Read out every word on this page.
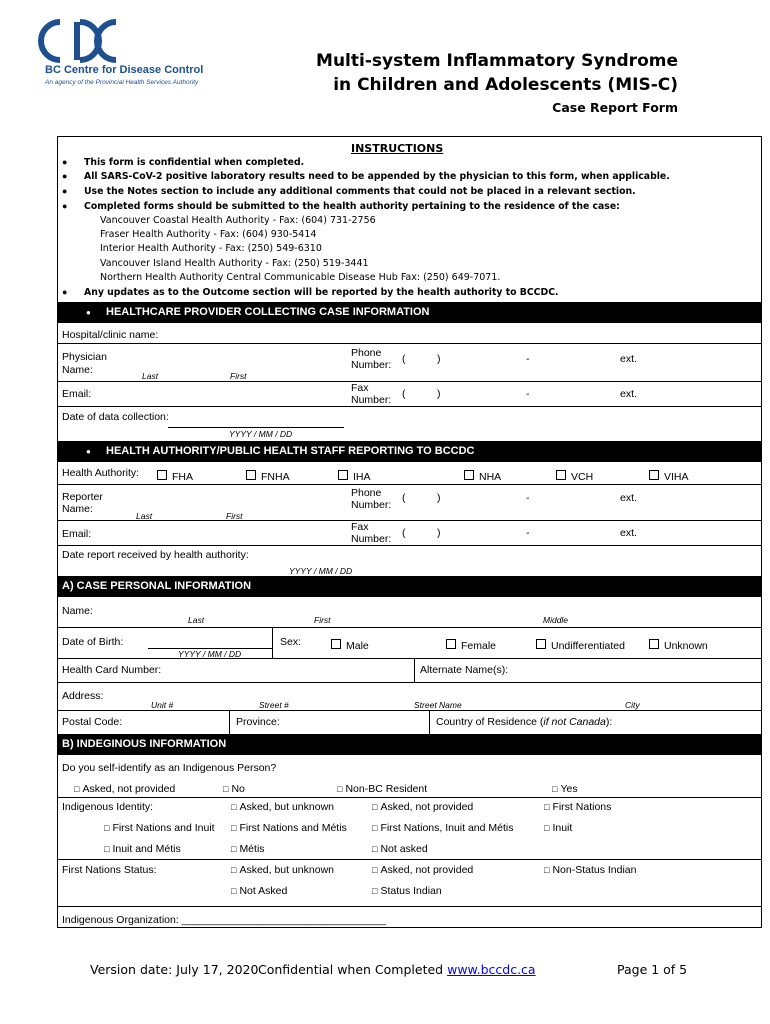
BC Centre for Disease Control
An agency of the Provincial Health Services Authority
Multi-system Inflammatory Syndrome
in Children and Adolescents (MIS-C)
Case Report Form
INSTRUCTIONS
● This form is confidential when completed.
● All SARS-CoV-2 positive laboratory results need to be appended by the physician to this form, when applicable.
● Use the Notes section to include any additional comments that could not be placed in a relevant section.
● Completed forms should be submitted to the health authority pertaining to the residence of the case:
Vancouver Coastal Health Authority - Fax: (604) 731-2756
Fraser Health Authority - Fax: (604) 930-5414
Interior Health Authority - Fax: (250) 549-6310
Vancouver Island Health Authority - Fax: (250) 519-3441
Northern Health Authority Central Communicable Disease Hub Fax: (250) 649-7071.
● Any updates as to the Outcome section will be reported by the health authority to BCCDC.
● HEALTHCARE PROVIDER COLLECTING CASE INFORMATION
Hospital/clinic name:
Physician
Name:	Last	First
Phone
Number: (	)	-	ext.
Email:	Fax
Number: (	)	-	ext.
Date of data collection:
YYYY / MM / DD
● HEALTH AUTHORITY/PUBLIC HEALTH STAFF REPORTING TO BCCDC
Health Authority:	FHA	FNHA	IHA	NHA	VCH	VIHA
Reporter
Name:
Last	First
Phone
Number:
(	)	-	ext.
Email:
Fax
Number: (	)	-	ext.
Date report received by health authority:
YYYY / MM / DD
A) CASE PERSONAL INFORMATION
Name:
Last	First	Middle
Date of Birth:
YYYY / MM / DD
Sex:	Male	Female	Undifferentiated	Unknown
Health Card Number:	Alternate Name(s):
Address:
Unit #	Street #	Street Name	City
Postal Code:	Province:	Country of Residence (if not Canada):
B) INDEGINOUS INFORMATION
Do you self-identify as an Indigenous Person?
□ Asked, not provided	□ No	□ Non-BC Resident	□ Yes
Indigenous Identity:	□ Asked, but unknown	□ Asked, not provided	□ First Nations
□ First Nations and Inuit □ First Nations and Métis	□ First Nations, Inuit and Métis	□ Inuit
□ Inuit and Métis	□ Métis	□ Not asked
First Nations Status:	□ Asked, but unknown	□ Asked, not provided	□ Non-Status Indian
□ Not Asked	□ Status Indian
Indigenous Organization: ___________________________________
Version date: July 17, 2020 Confidential when Completed www.bccdc.ca	Page 1 of 5
